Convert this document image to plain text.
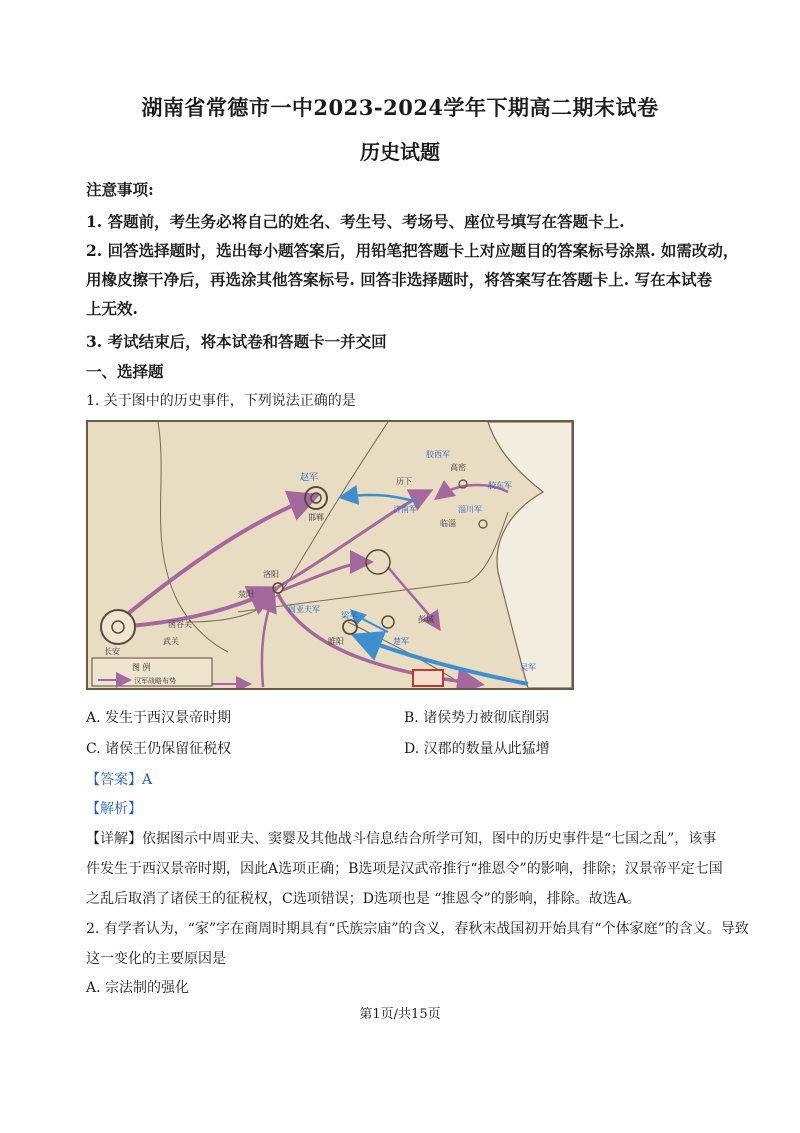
湖南省常德市一中2023-2024学年下期高二期末试卷
历史试题
注意事项:
1. 答题前，考生务必将自己的姓名、考生号、考场号、座位号填写在答题卡上.
2. 回答选择题时，选出每小题答案后，用铅笔把答题卡上对应题目的答案标号涂黑. 如需改动，
用橡皮擦干净后，再选涂其他答案标号. 回答非选择题时，将答案写在答题卡上. 写在本试卷
上无效.
3. 考试结束后，将本试卷和答题卡一并交回
一、选择题
1. 关于图中的历史事件，下列说法正确的是
赵军
邯郸
胶西军
高密
胶东军
济南军	淄川军
临淄
历下
洛阳
荥阳
长安
函谷关
武关
周亚夫军
梁军
睢阳	楚军
彭城
吴军
图 例
汉军战略布势
A. 发生于西汉景帝时期	B. 诸侯势力被彻底削弱
C. 诸侯王仍保留征税权	D. 汉郡的数量从此猛增
【答案】A
【解析】
【详解】依据图示中周亚夫、窦婴及其他战斗信息结合所学可知，图中的历史事件是“七国之乱”，该事
件发生于西汉景帝时期，因此A选项正确；B选项是汉武帝推行“推恩令”的影响，排除；汉景帝平定七国
之乱后取消了诸侯王的征税权，C选项错误；D选项也是 “推恩令”的影响，排除。故选A。
2. 有学者认为，“家”字在商周时期具有“氏族宗庙”的含义，春秋末战国初开始具有“个体家庭”的含义。导致
这一变化的主要原因是
A. 宗法制的强化
第1页/共15页
